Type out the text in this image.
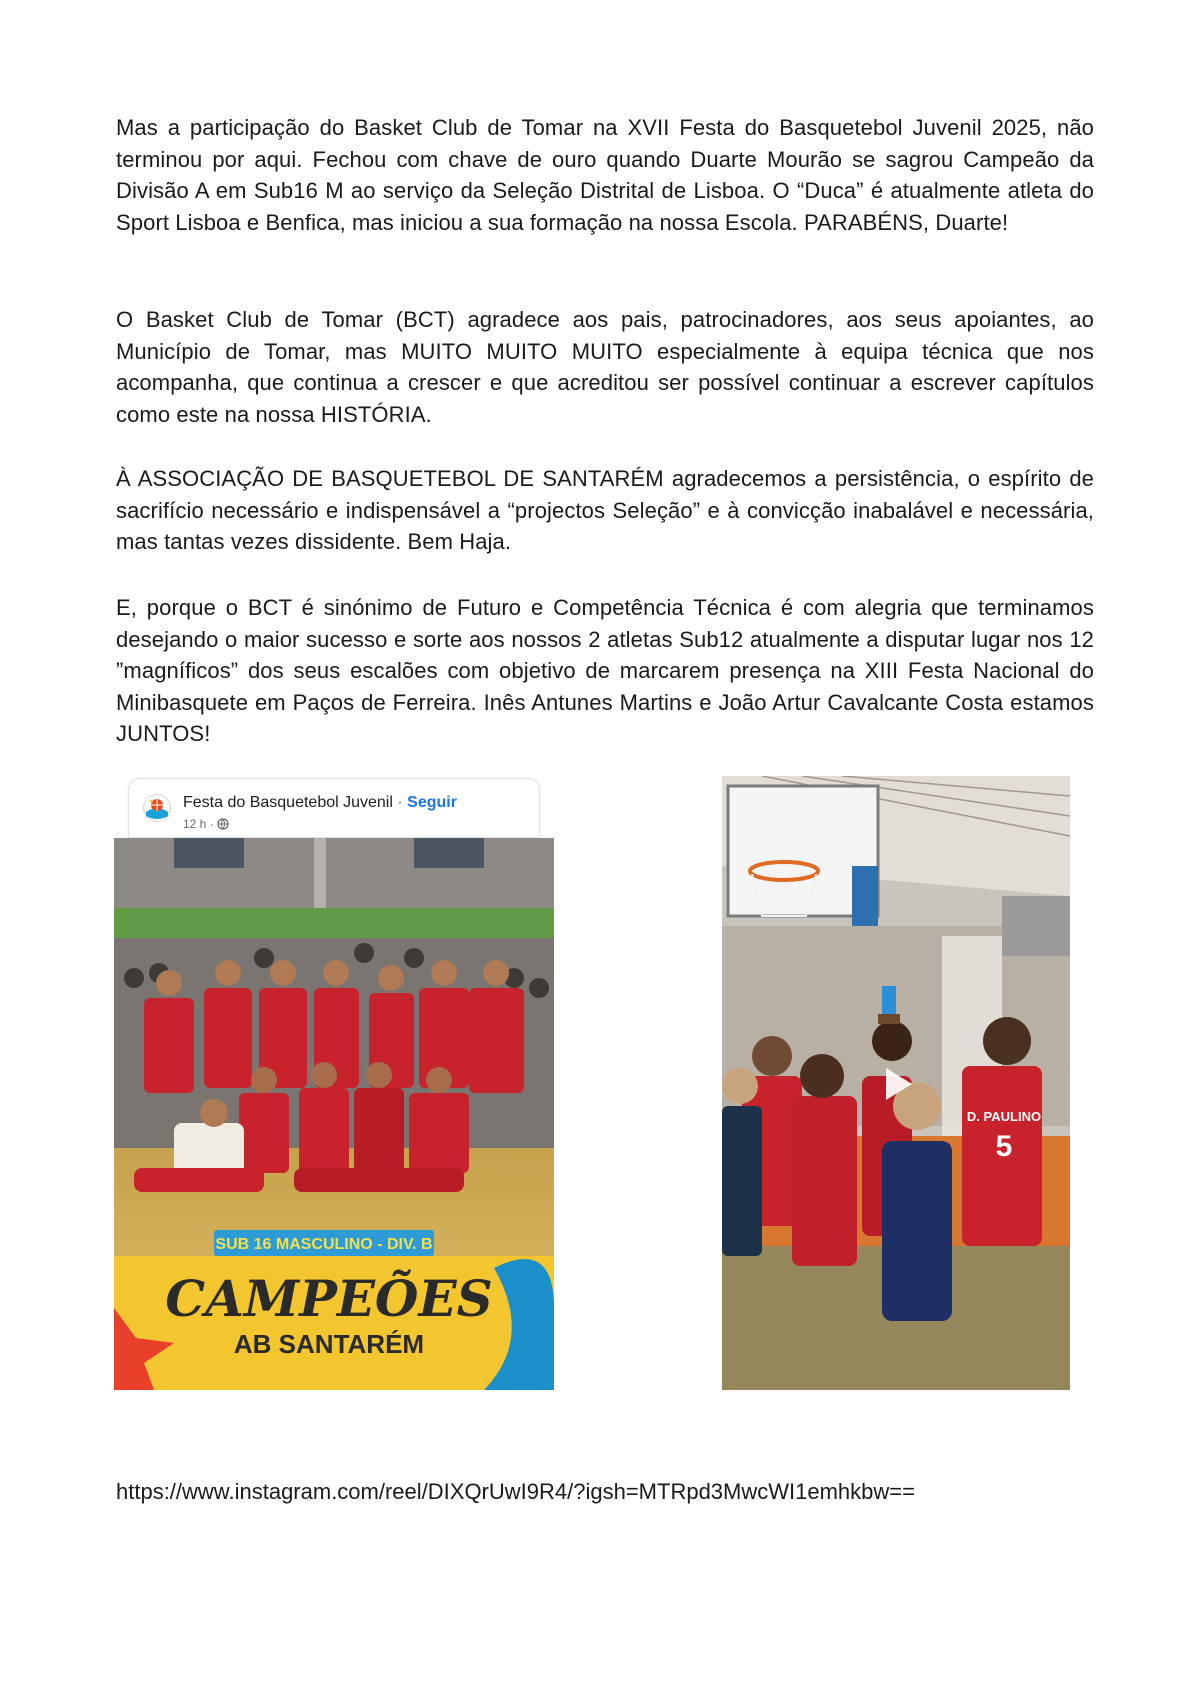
Mas a participação do Basket Club de Tomar na XVII Festa do Basquetebol Juvenil 2025, não terminou por aqui. Fechou com chave de ouro quando Duarte Mourão se sagrou Campeão da Divisão A em Sub16 M ao serviço da Seleção Distrital de Lisboa. O “Duca” é atualmente atleta do Sport Lisboa e Benfica, mas iniciou a sua formação na nossa Escola. PARABÉNS, Duarte!

O Basket Club de Tomar (BCT) agradece aos pais, patrocinadores, aos seus apoiantes, ao Município de Tomar, mas MUITO MUITO MUITO especialmente à equipa técnica que nos acompanha, que continua a crescer e que acreditou ser possível continuar a escrever capítulos como este na nossa HISTÓRIA.

À ASSOCIAÇÃO DE BASQUETEBOL DE SANTARÉM agradecemos a persistência, o espírito de sacrifício necessário e indispensável a “projectos Seleção” e à convicção inabalável e necessária, mas tantas vezes dissidente. Bem Haja.

E, porque o BCT é sinónimo de Futuro e Competência Técnica é com alegria que terminamos desejando o maior sucesso e sorte aos nossos 2 atletas Sub12 atualmente a disputar lugar nos 12 ”magníficos” dos seus escalões com objetivo de marcarem presença na XIII Festa Nacional do Minibasquete em Paços de Ferreira. Inês Antunes Martins e João Artur Cavalcante Costa estamos JUNTOS!

Festa do Basquetebol Juvenil · Seguir
12 h ·
SUB 16 MASCULINO - DIV. B
CAMPEÕES
AB SANTARÉM
D. PAULINO
5

https://www.instagram.com/reel/DIXQrUwI9R4/?igsh=MTRpd3MwcWI1emhkbw==
